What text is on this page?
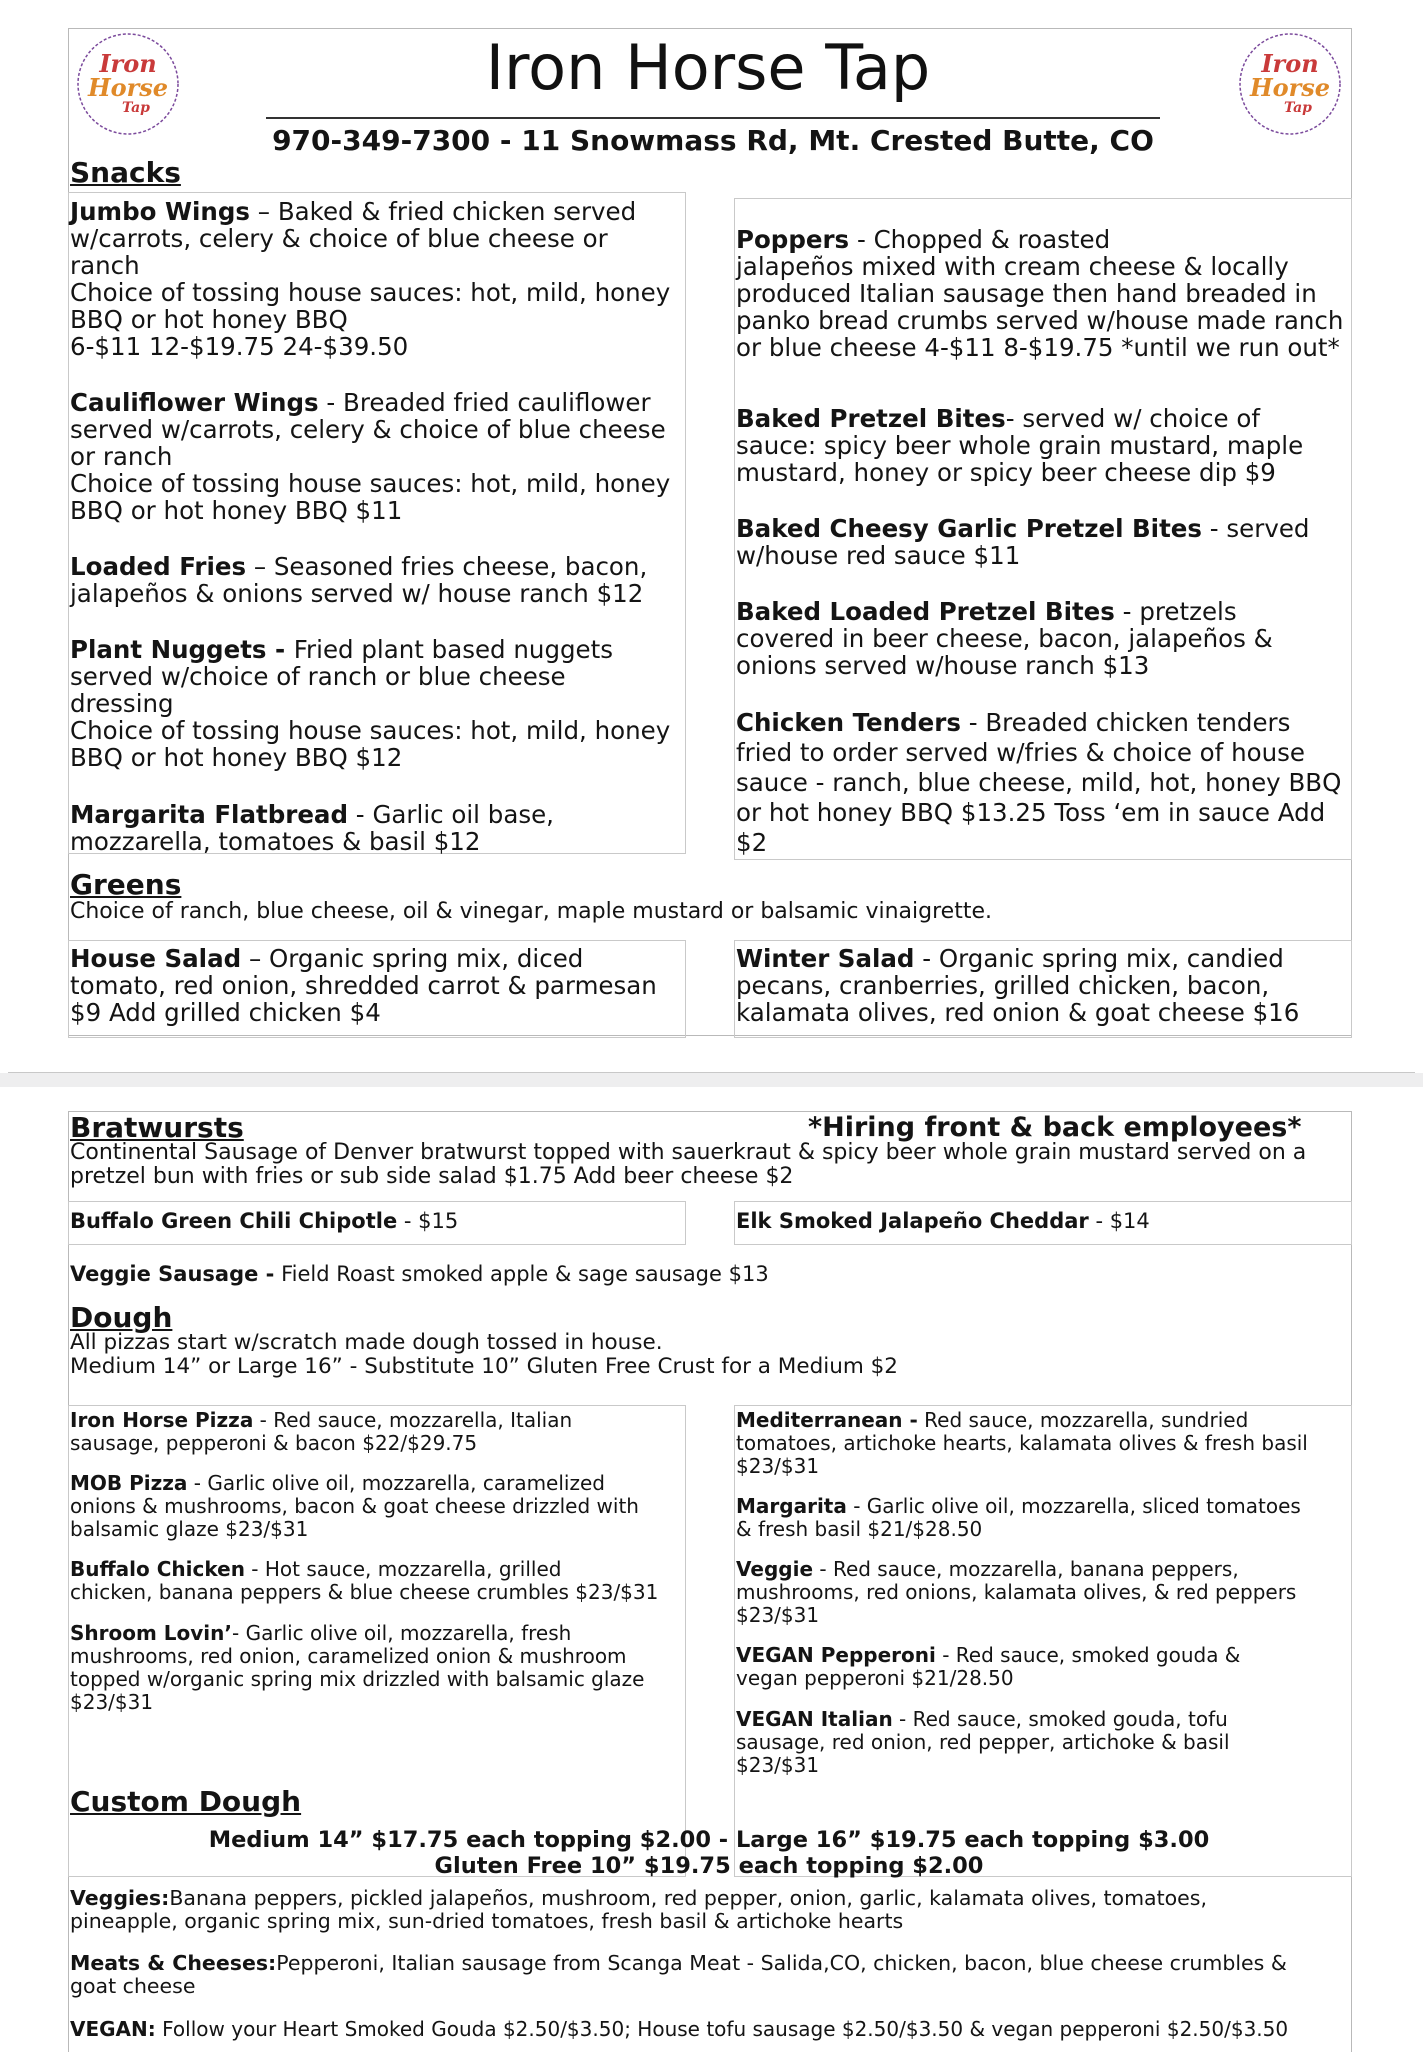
Iron
Horse
Tap
Iron
Horse
Tap
Iron Horse Tap
970-349-7300 - 11 Snowmass Rd, Mt. Crested Butte, CO
Snacks
Jumbo Wings – Baked & fried chicken served
w/carrots, celery & choice of blue cheese or
ranch
Choice of tossing house sauces: hot, mild, honey
BBQ or hot honey BBQ
6-$11 12-$19.75 24-$39.50
Cauliflower Wings - Breaded fried cauliflower
served w/carrots, celery & choice of blue cheese
or ranch
Choice of tossing house sauces: hot, mild, honey
BBQ or hot honey BBQ $11
Loaded Fries – Seasoned fries cheese, bacon,
jalapeños & onions served w/ house ranch $12
Plant Nuggets - Fried plant based nuggets
served w/choice of ranch or blue cheese
dressing
Choice of tossing house sauces: hot, mild, honey
BBQ or hot honey BBQ $12
Margarita Flatbread - Garlic oil base,
mozzarella, tomatoes & basil $12
Poppers - Chopped & roasted
jalapeños mixed with cream cheese & locally
produced Italian sausage then hand breaded in
panko bread crumbs served w/house made ranch
or blue cheese 4-$11 8-$19.75 *until we run out*
Baked Pretzel Bites- served w/ choice of
sauce: spicy beer whole grain mustard, maple
mustard, honey or spicy beer cheese dip $9
Baked Cheesy Garlic Pretzel Bites - served
w/house red sauce $11
Baked Loaded Pretzel Bites - pretzels
covered in beer cheese, bacon, jalapeños &
onions served w/house ranch $13
Chicken Tenders - Breaded chicken tenders
fried to order served w/fries & choice of house
sauce - ranch, blue cheese, mild, hot, honey BBQ
or hot honey BBQ $13.25 Toss ‘em in sauce Add $2
Greens
Choice of ranch, blue cheese, oil & vinegar, maple mustard or balsamic vinaigrette.
House Salad – Organic spring mix, diced
tomato, red onion, shredded carrot & parmesan
$9 Add grilled chicken $4
Winter Salad - Organic spring mix, candied
pecans, cranberries, grilled chicken, bacon,
kalamata olives, red onion & goat cheese $16
Bratwursts	*Hiring front & back employees*
Continental Sausage of Denver bratwurst topped with sauerkraut & spicy beer whole grain mustard served on a
pretzel bun with fries or sub side salad $1.75 Add beer cheese $2
Buffalo Green Chili Chipotle - $15	Elk Smoked Jalapeño Cheddar - $14
Veggie Sausage - Field Roast smoked apple & sage sausage $13
Dough
All pizzas start w/scratch made dough tossed in house.
Medium 14” or Large 16” - Substitute 10” Gluten Free Crust for a Medium $2
Iron Horse Pizza - Red sauce, mozzarella, Italian
sausage, pepperoni & bacon $22/$29.75
MOB Pizza - Garlic olive oil, mozzarella, caramelized
onions & mushrooms, bacon & goat cheese drizzled with
balsamic glaze $23/$31
Buffalo Chicken - Hot sauce, mozzarella, grilled
chicken, banana peppers & blue cheese crumbles $23/$31
Shroom Lovin’- Garlic olive oil, mozzarella, fresh
mushrooms, red onion, caramelized onion & mushroom
topped w/organic spring mix drizzled with balsamic glaze
$23/$31
Mediterranean - Red sauce, mozzarella, sundried
tomatoes, artichoke hearts, kalamata olives & fresh basil
$23/$31
Margarita - Garlic olive oil, mozzarella, sliced tomatoes
& fresh basil $21/$28.50
Veggie - Red sauce, mozzarella, banana peppers,
mushrooms, red onions, kalamata olives, & red peppers
$23/$31
VEGAN Pepperoni - Red sauce, smoked gouda &
vegan pepperoni $21/28.50
VEGAN Italian - Red sauce, smoked gouda, tofu
sausage, red onion, red pepper, artichoke & basil
$23/$31
Custom Dough
Medium 14” $17.75 each topping $2.00 - Large 16” $19.75 each topping $3.00
Gluten Free 10” $19.75 each topping $2.00
Veggies:Banana peppers, pickled jalapeños, mushroom, red pepper, onion, garlic, kalamata olives, tomatoes,
pineapple, organic spring mix, sun-dried tomatoes, fresh basil & artichoke hearts
Meats & Cheeses:Pepperoni, Italian sausage from Scanga Meat - Salida,CO, chicken, bacon, blue cheese crumbles &
goat cheese
VEGAN: Follow your Heart Smoked Gouda $2.50/$3.50; House tofu sausage $2.50/$3.50 & vegan pepperoni $2.50/$3.50
